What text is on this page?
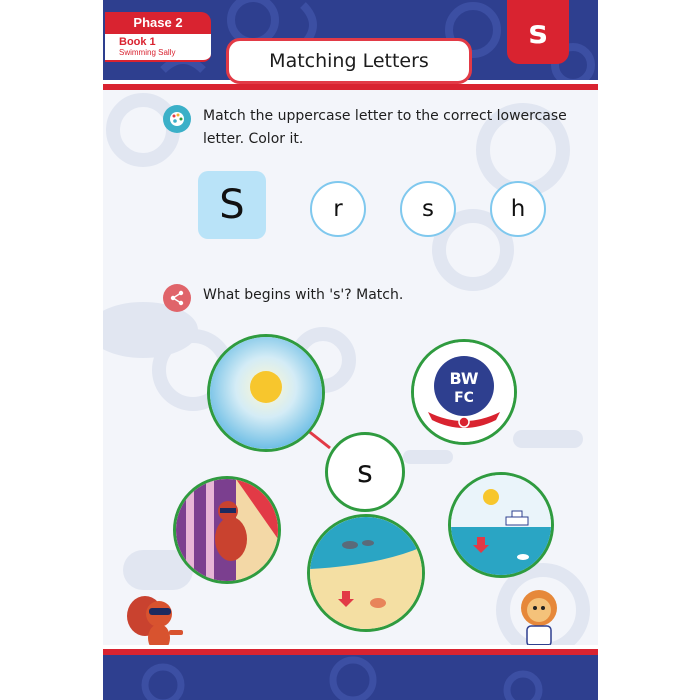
Phase 2
Book 1
Swimming Sally	Matching Letters
s
Match the uppercase letter to the correct lowercase
letter. Color it.
S	r	s	h
What begins with 's'? Match.
BW
FC
s
